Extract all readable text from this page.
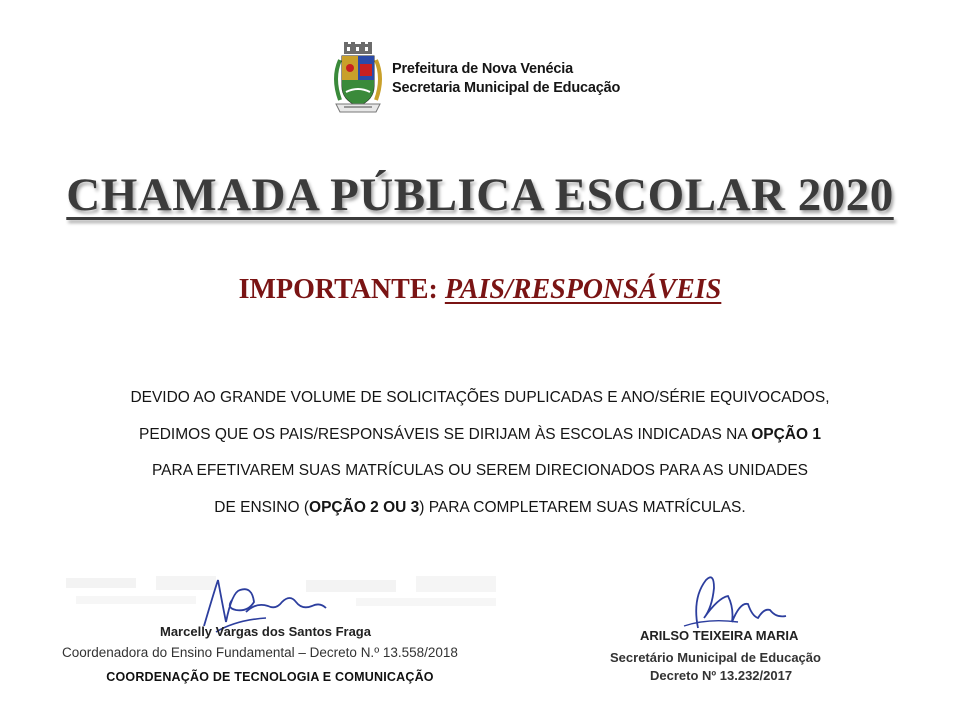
Prefeitura de Nova Venécia
Secretaria Municipal de Educação
CHAMADA PÚBLICA ESCOLAR 2020
IMPORTANTE: PAIS/RESPONSÁVEIS
DEVIDO AO GRANDE VOLUME DE SOLICITAÇÕES DUPLICADAS E ANO/SÉRIE EQUIVOCADOS,
PEDIMOS QUE OS PAIS/RESPONSÁVEIS SE DIRIJAM ÀS ESCOLAS INDICADAS NA OPÇÃO 1
PARA EFETIVAREM SUAS MATRÍCULAS OU SEREM DIRECIONADOS PARA AS UNIDADES
DE ENSINO (OPÇÃO 2 OU 3) PARA COMPLETAREM SUAS MATRÍCULAS.
Marcelly Vargas dos Santos Fraga
Coordenadora do Ensino Fundamental – Decreto N.º 13.558/2018
ARILSO TEIXEIRA MARIA
Secretário Municipal de Educação
Decreto Nº 13.232/2017
COORDENAÇÃO DE TECNOLOGIA E COMUNICAÇÃO
